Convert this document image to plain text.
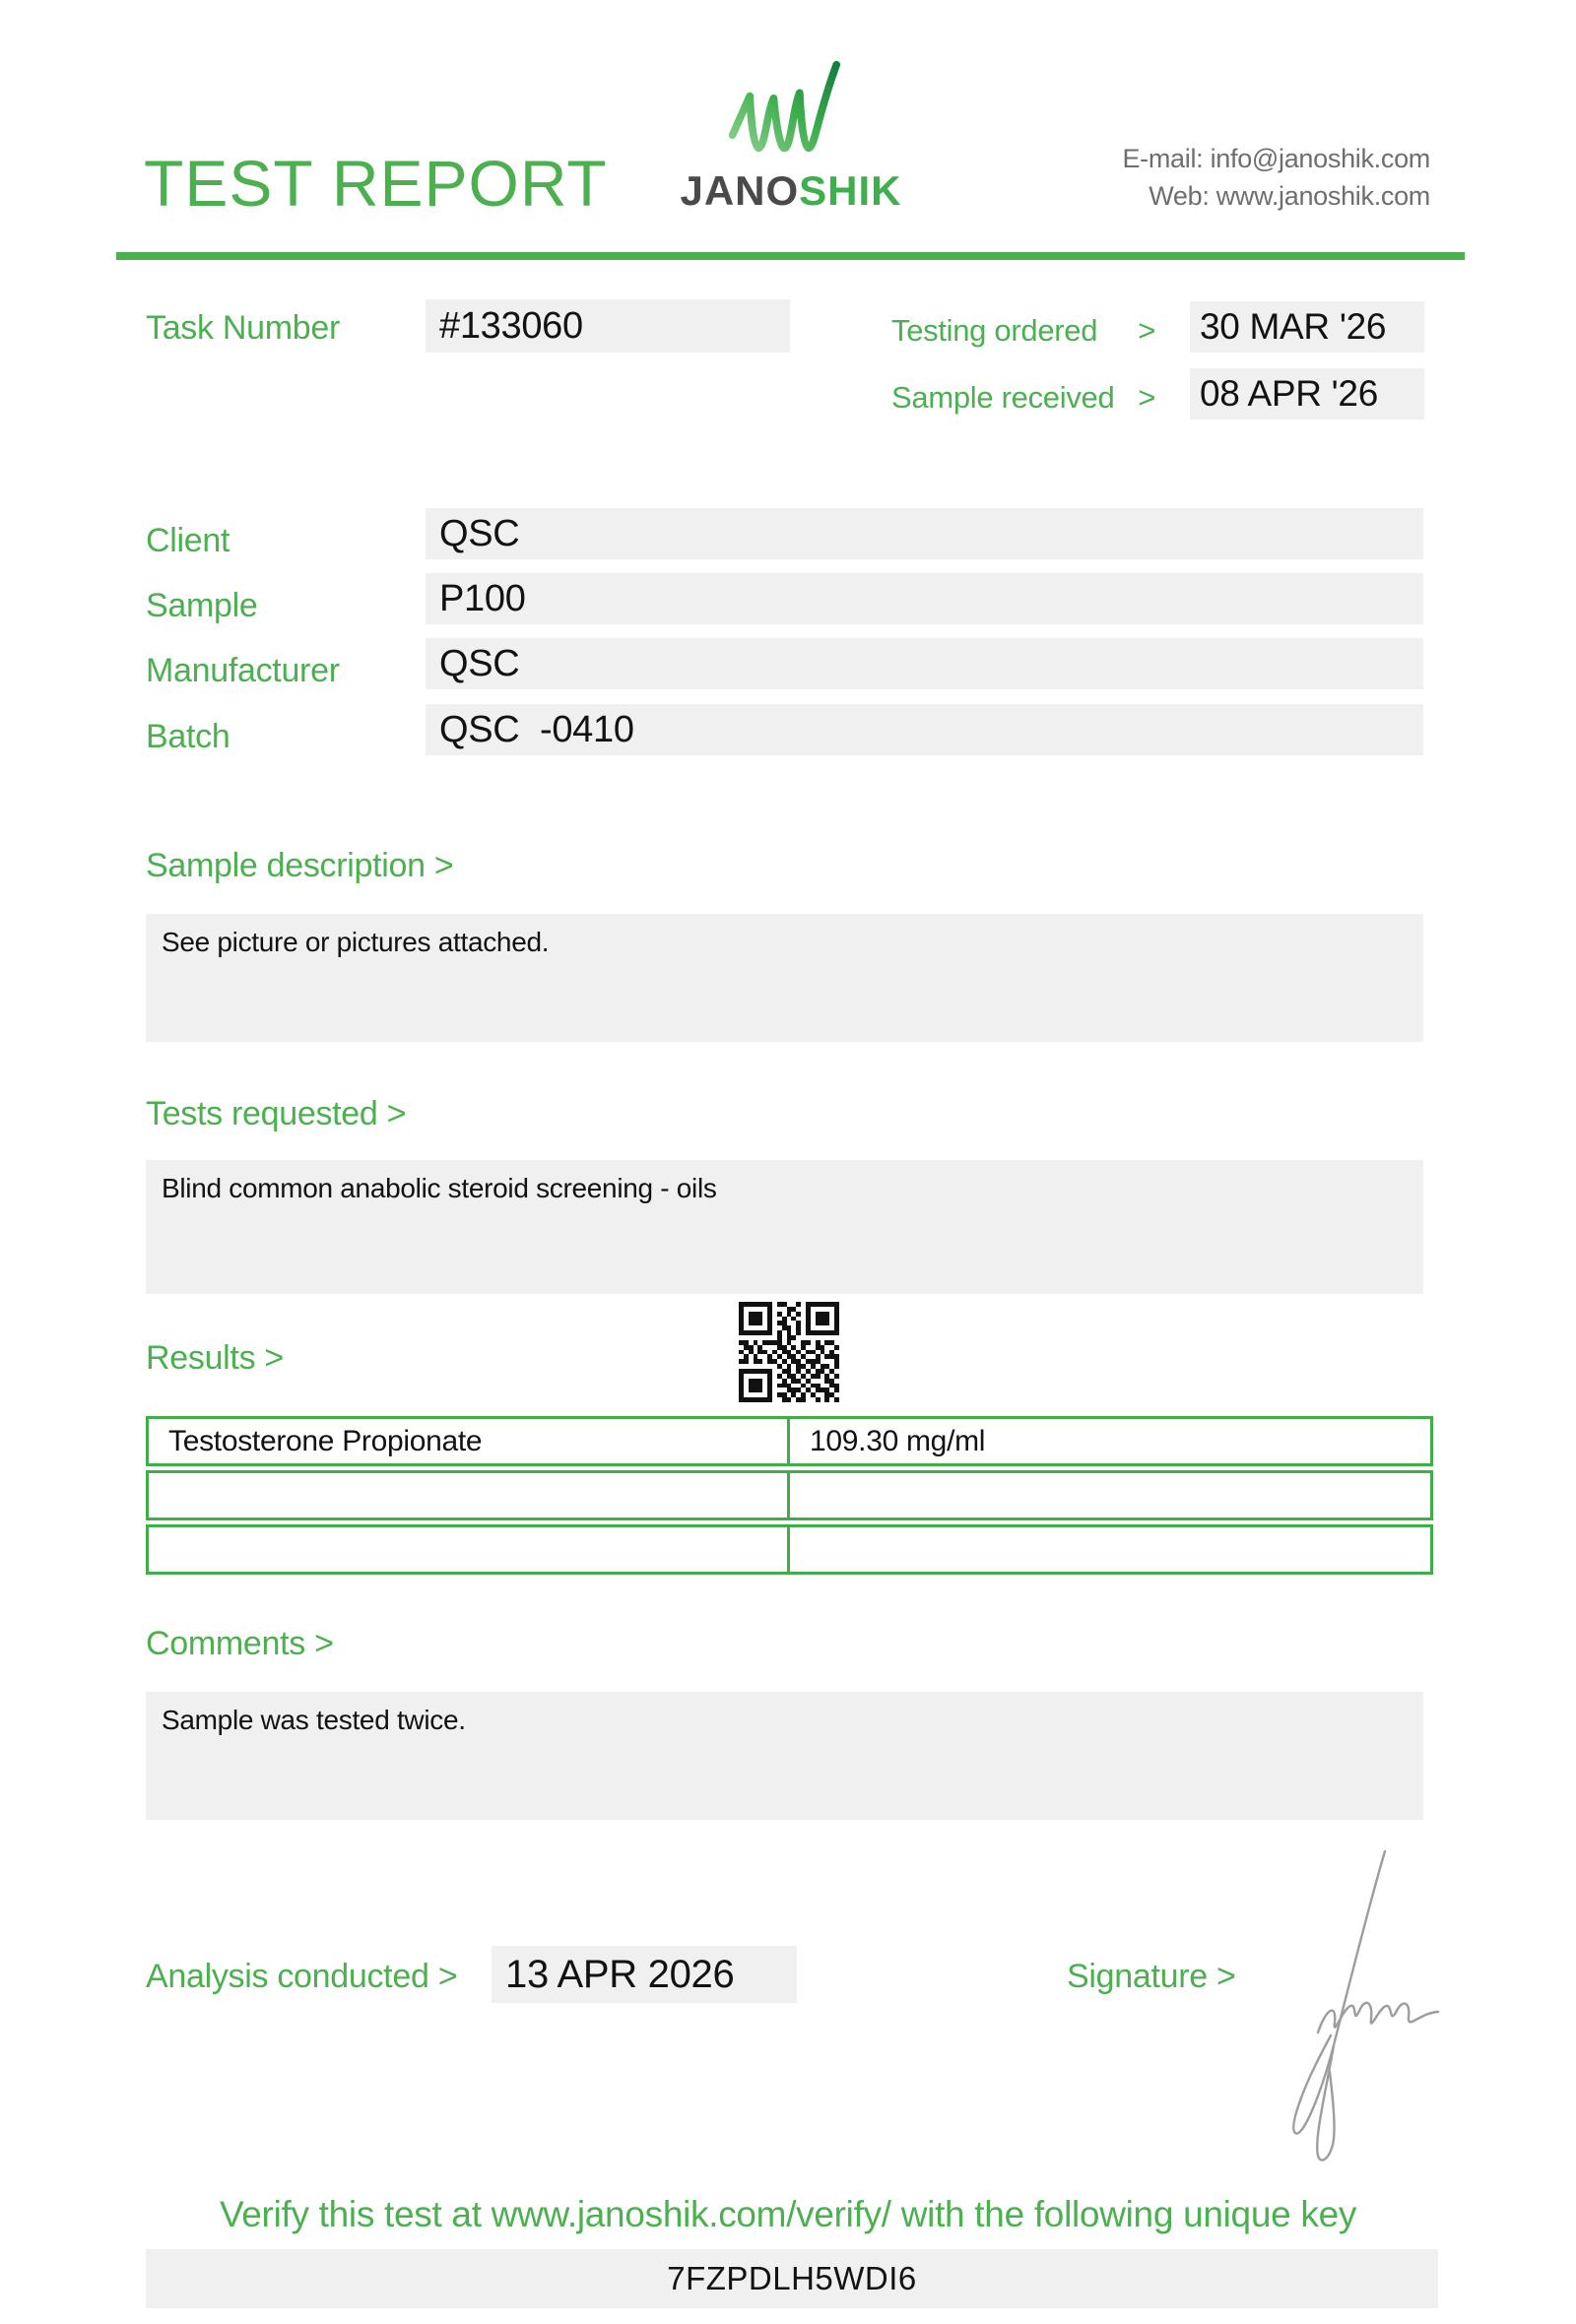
TEST REPORT JANOSHIK
E-mail: info@janoshik.com
Web: www.janoshik.com
Task Number	#133060	Testing ordered > 30 MAR '26
Sample received > 08 APR '26
Client	QSC
Sample	P100
Manufacturer	QSC
Batch	QSC  -0410
Sample description >
See picture or pictures attached.
Tests requested >
Blind common anabolic steroid screening - oils
Results >
Testosterone Propionate	109.30 mg/ml
Comments >
Sample was tested twice.
Analysis conducted >	13 APR 2026	Signature >
Verify this test at www.janoshik.com/verify/ with the following unique key
7FZPDLH5WDI6
